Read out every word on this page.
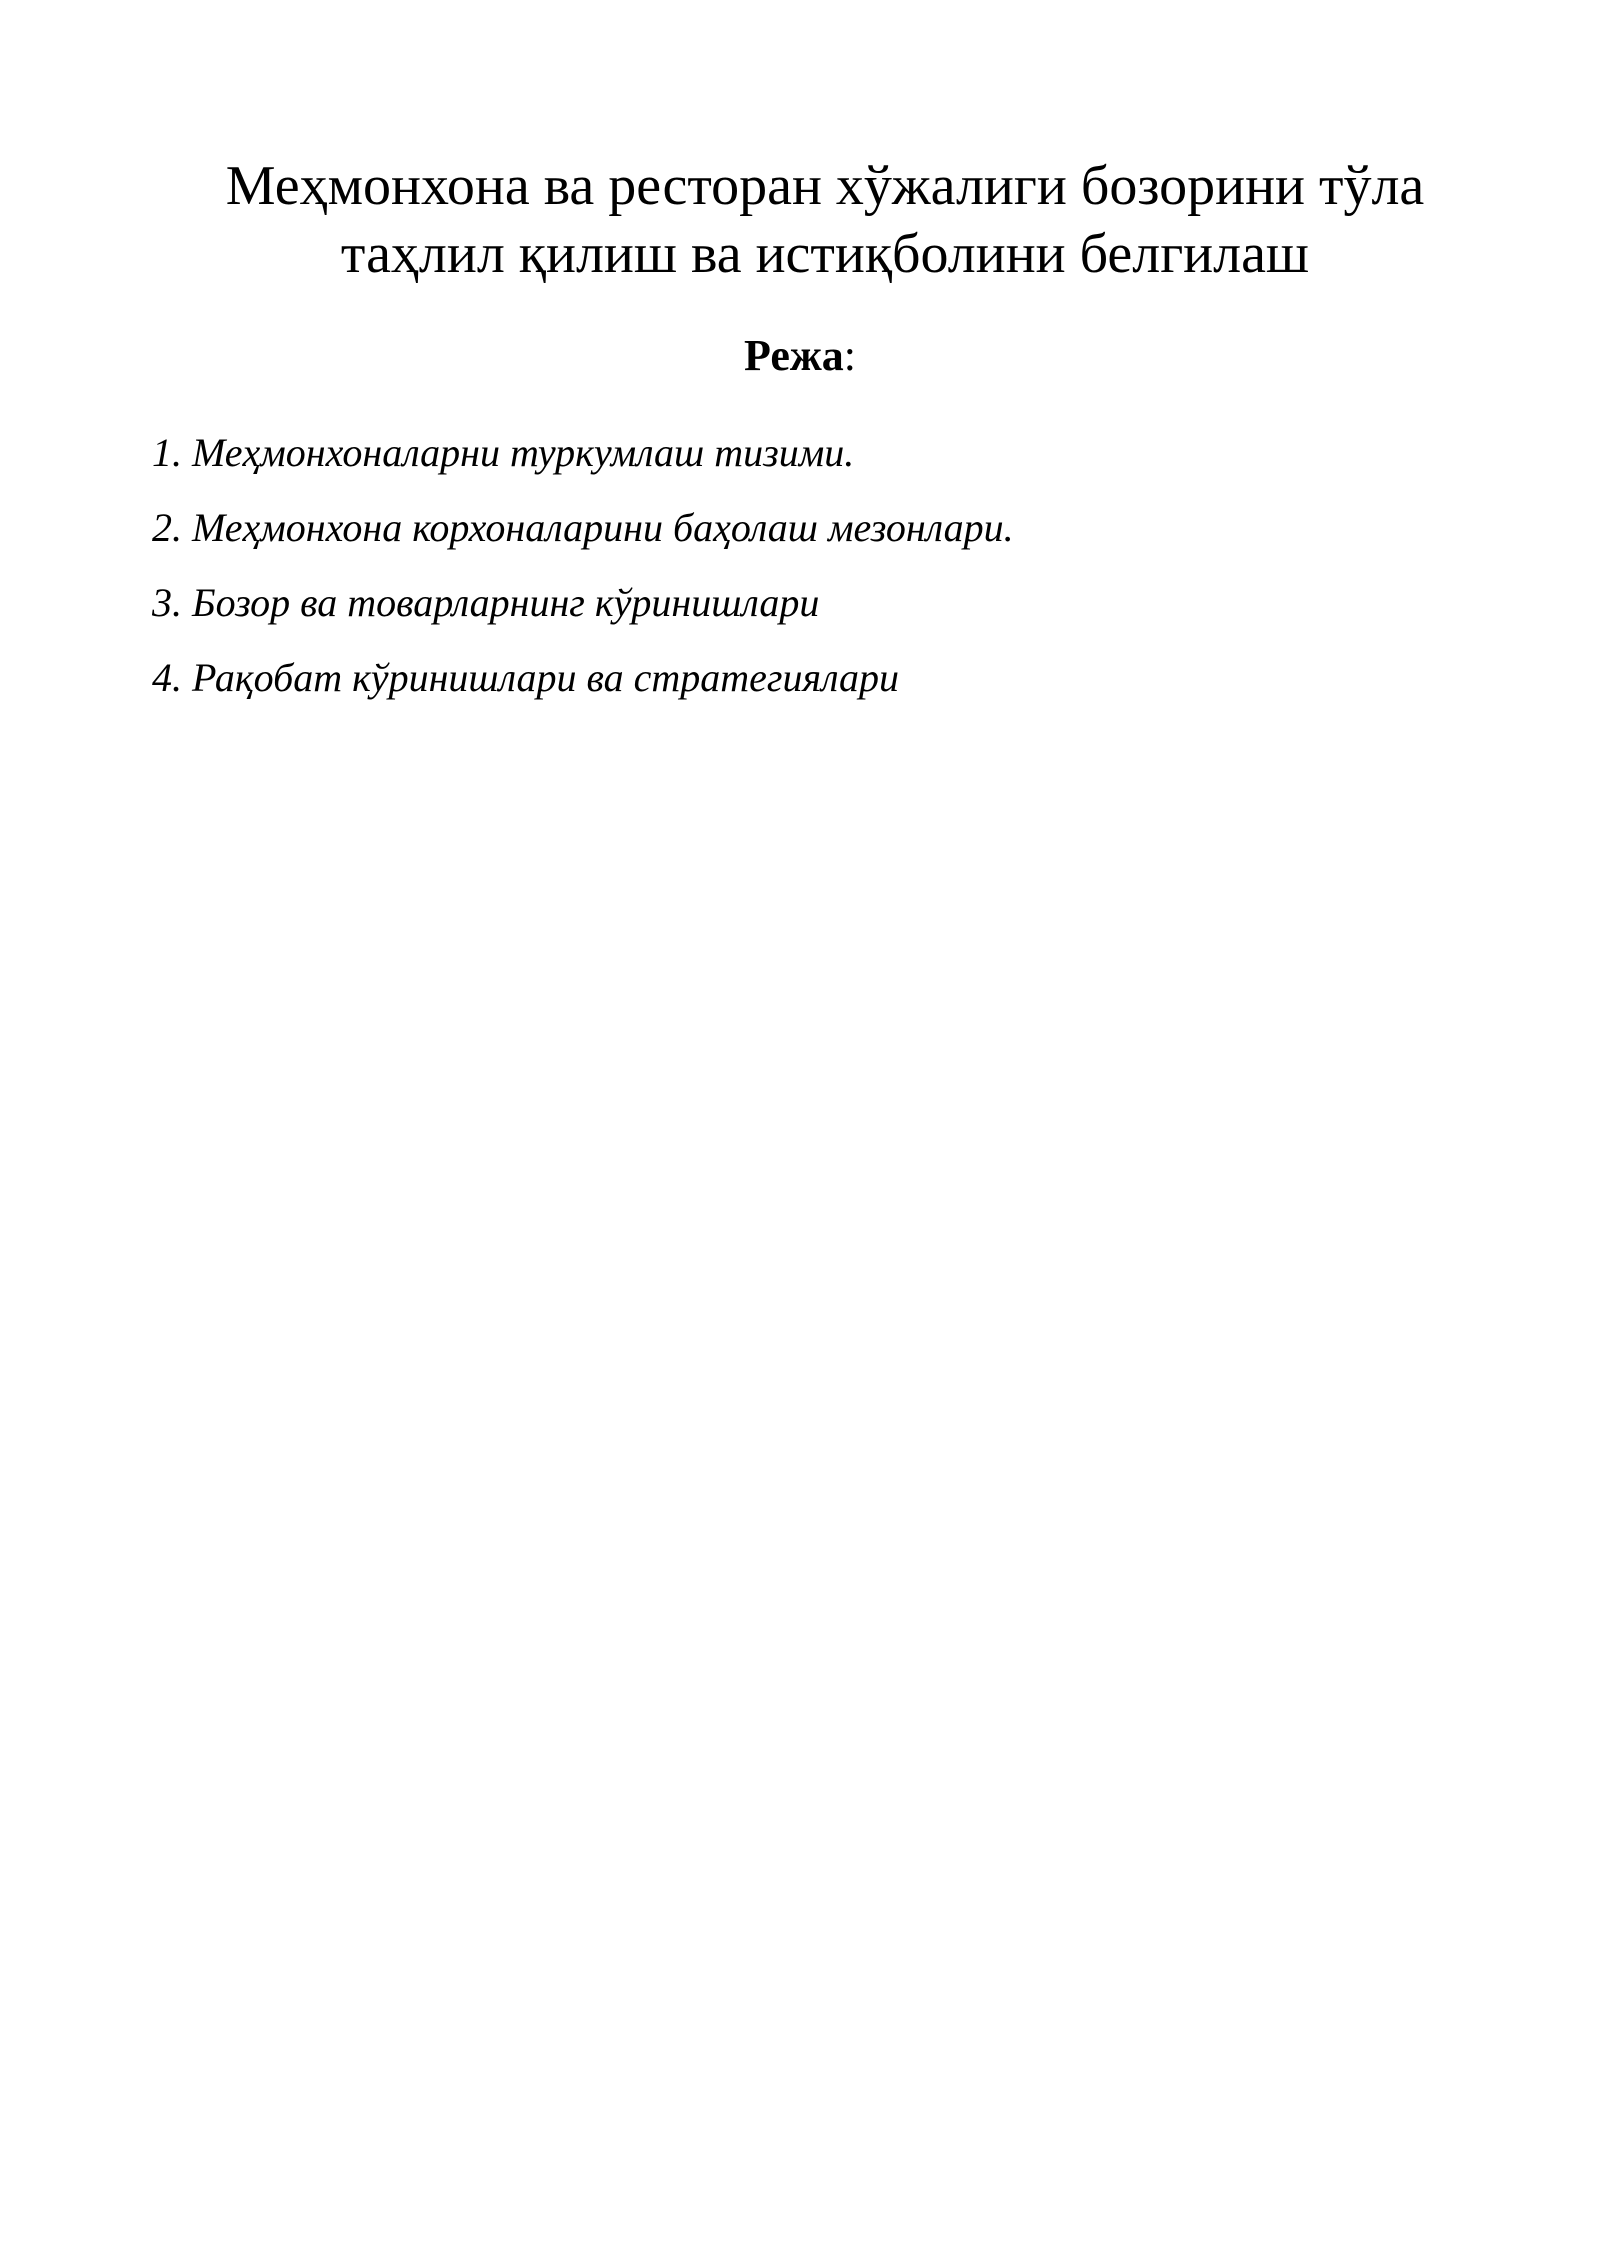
Меҳмонхона ва ресторан хўжалиги бозорини тўла
таҳлил қилиш ва истиқболини белгилаш
Режа:
1. Меҳмонхоналарни туркумлаш тизими.
2. Меҳмонхона корхоналарини баҳолаш мезонлари.
3. Бозор ва товарларнинг кўринишлари
4. Рақобат кўринишлари ва стратегиялари
